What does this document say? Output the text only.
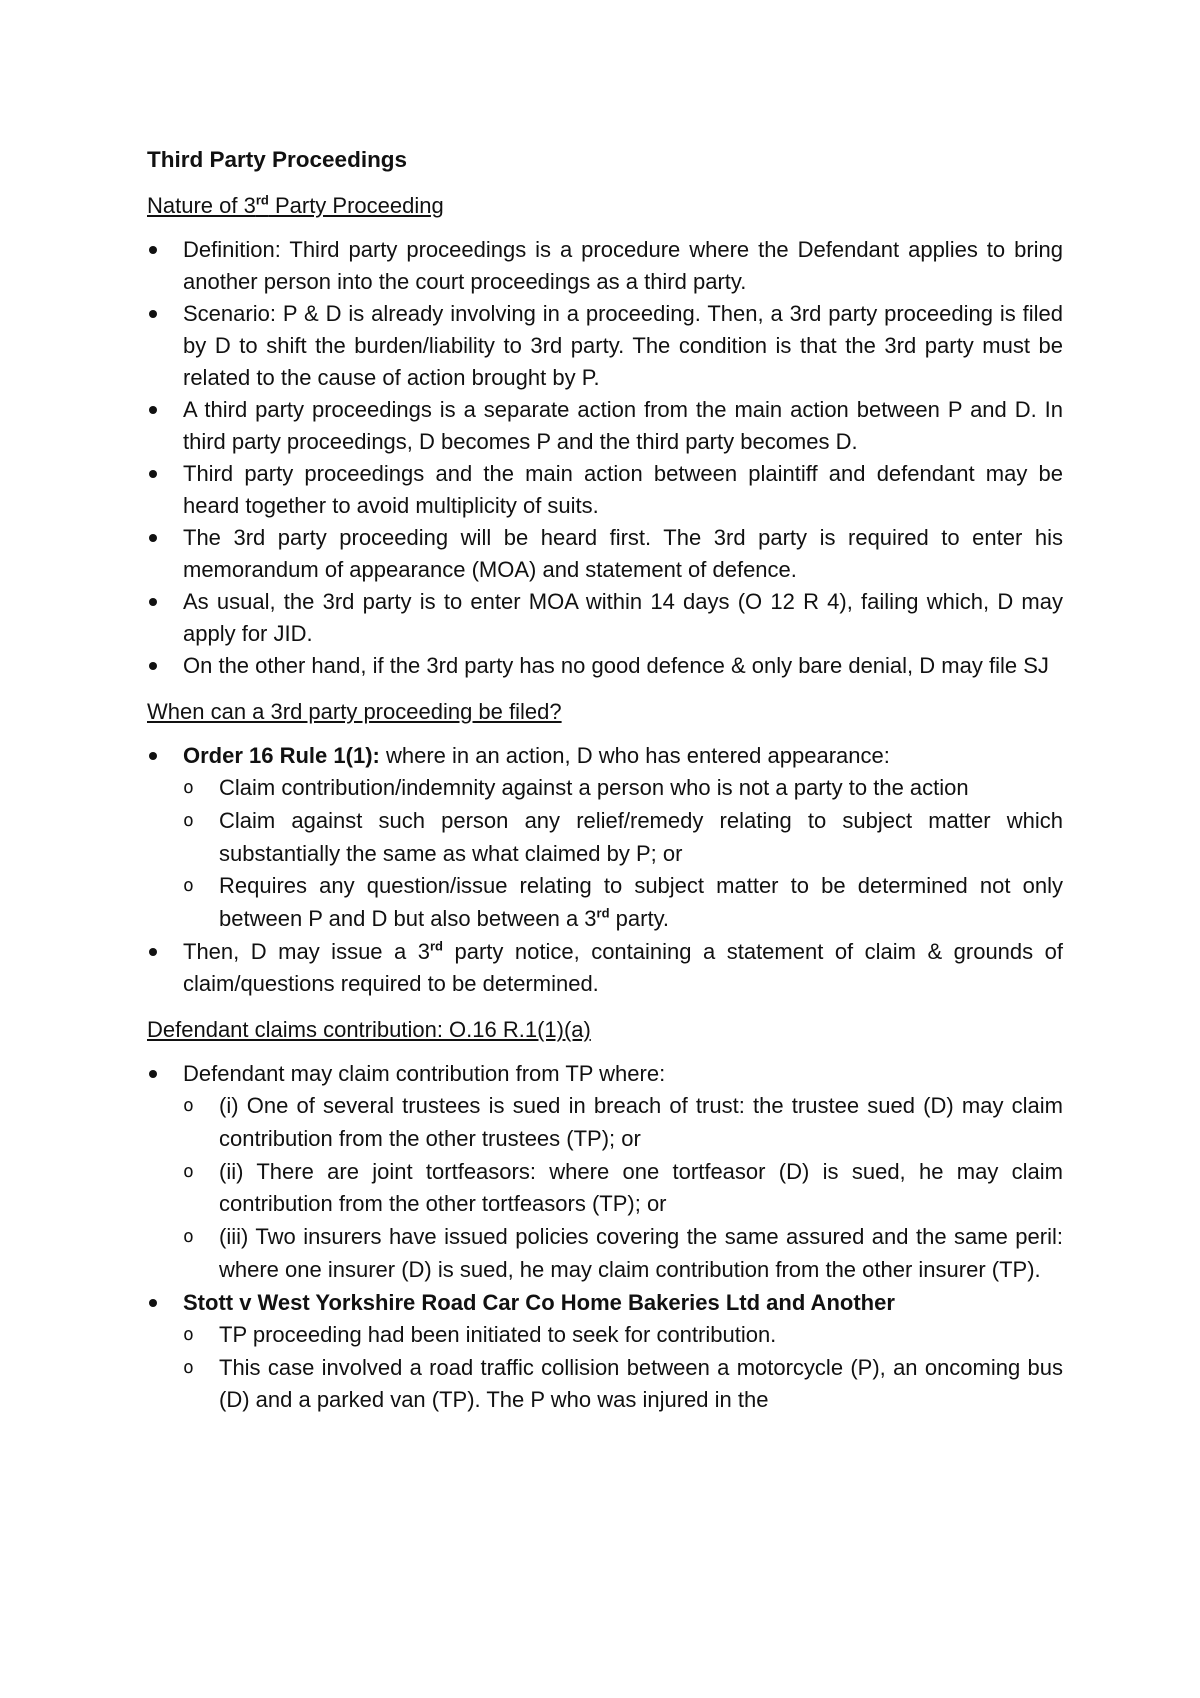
Third Party Proceedings
Nature of 3rd Party Proceeding
Definition: Third party proceedings is a procedure where the Defendant applies to bring another person into the court proceedings as a third party.
Scenario: P & D is already involving in a proceeding. Then, a 3rd party proceeding is filed by D to shift the burden/liability to 3rd party. The condition is that the 3rd party must be related to the cause of action brought by P.
A third party proceedings is a separate action from the main action between P and D. In third party proceedings, D becomes P and the third party becomes D.
Third party proceedings and the main action between plaintiff and defendant may be heard together to avoid multiplicity of suits.
The 3rd party proceeding will be heard first. The 3rd party is required to enter his memorandum of appearance (MOA) and statement of defence.
As usual, the 3rd party is to enter MOA within 14 days (O 12 R 4), failing which, D may apply for JID.
On the other hand, if the 3rd party has no good defence & only bare denial, D may file SJ
When can a 3rd party proceeding be filed?
Order 16 Rule 1(1): where in an action, D who has entered appearance:
o Claim contribution/indemnity against a person who is not a party to the action
o Claim against such person any relief/remedy relating to subject matter which substantially the same as what claimed by P; or
o Requires any question/issue relating to subject matter to be determined not only between P and D but also between a 3rd party.
Then, D may issue a 3rd party notice, containing a statement of claim & grounds of claim/questions required to be determined.
Defendant claims contribution: O.16 R.1(1)(a)
Defendant may claim contribution from TP where:
o (i) One of several trustees is sued in breach of trust: the trustee sued (D) may claim contribution from the other trustees (TP); or
o (ii) There are joint tortfeasors: where one tortfeasor (D) is sued, he may claim contribution from the other tortfeasors (TP); or
o (iii) Two insurers have issued policies covering the same assured and the same peril: where one insurer (D) is sued, he may claim contribution from the other insurer (TP).
Stott v West Yorkshire Road Car Co Home Bakeries Ltd and Another
o TP proceeding had been initiated to seek for contribution.
o This case involved a road traffic collision between a motorcycle (P), an oncoming bus (D) and a parked van (TP). The P who was injured in the
